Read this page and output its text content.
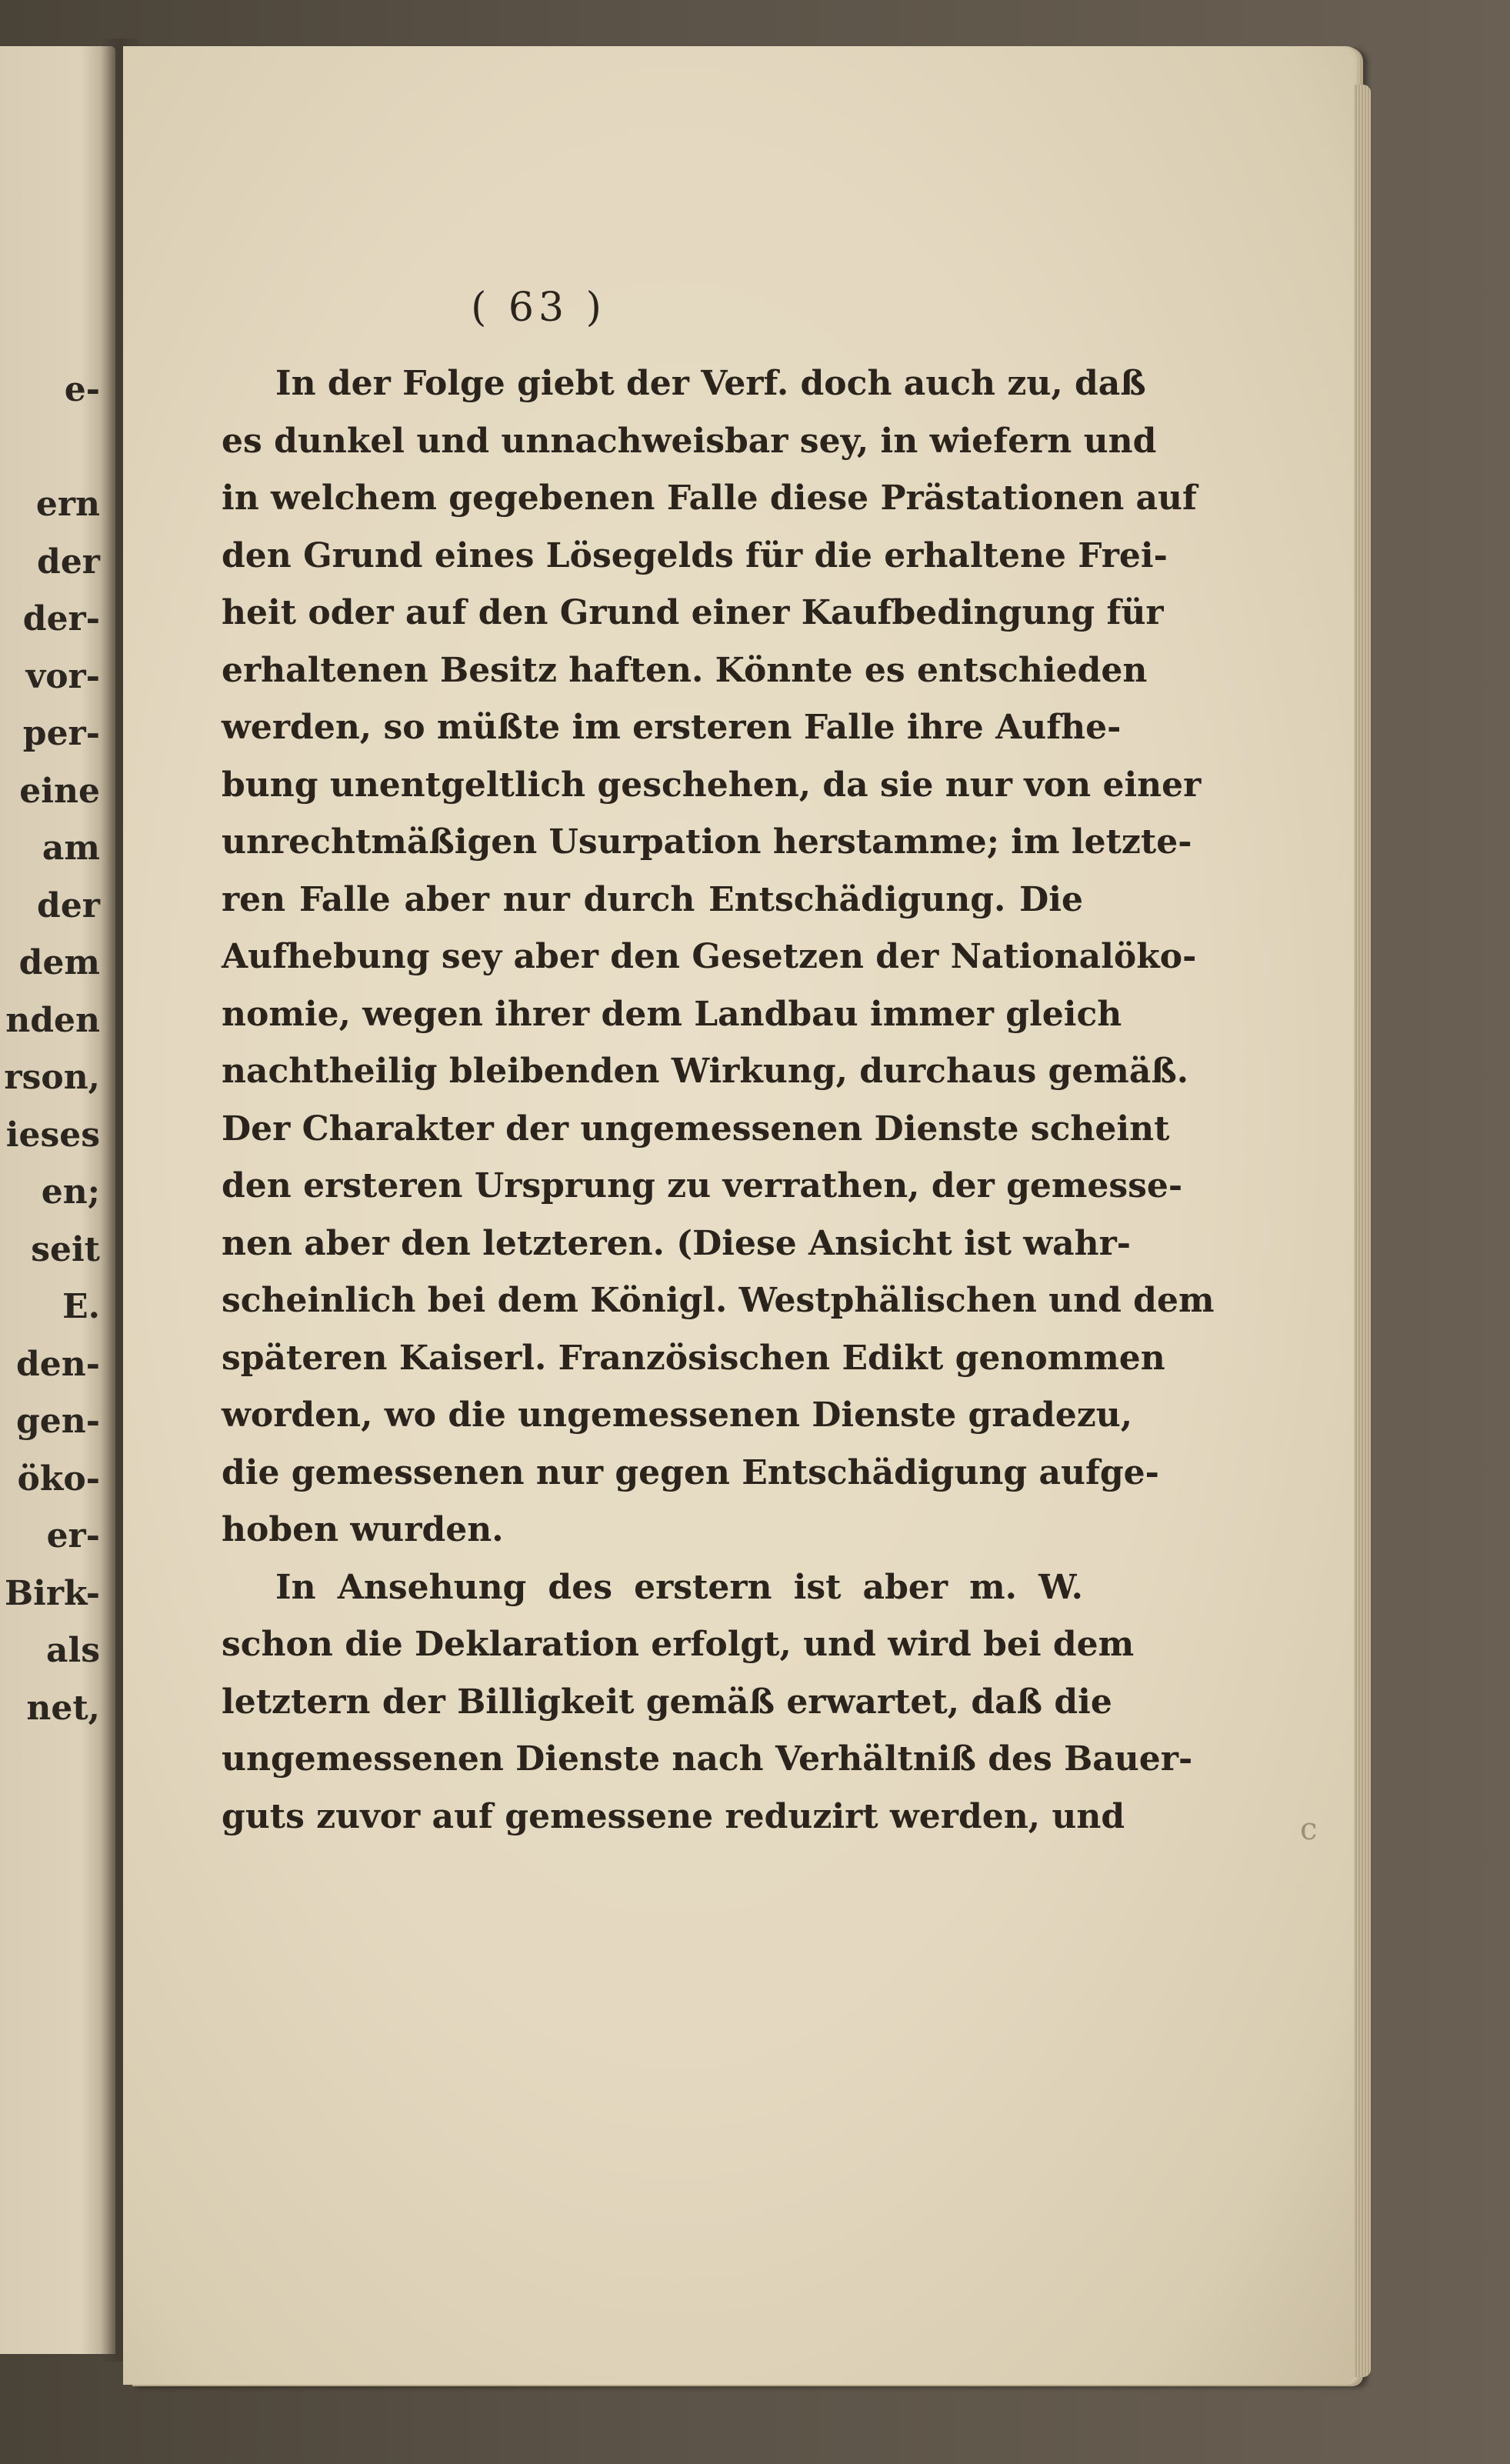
e-
ern
der
der-
vor-
per-
eine
am
der
dem
nden
rson,
ieses
en;
seit
E.
den-
gen-
öko-
er-
Birk-
als
net,
( 63 )
In der Folge giebt der Verf. doch auch zu, daß
es dunkel und unnachweisbar sey, in wiefern und
in welchem gegebenen Falle diese Prästationen auf
den Grund eines Lösegelds für die erhaltene Frei-
heit oder auf den Grund einer Kaufbedingung für
erhaltenen Besitz haften. Könnte es entschieden
werden, so müßte im ersteren Falle ihre Aufhe-
bung unentgeltlich geschehen, da sie nur von einer
unrechtmäßigen Usurpation herstamme; im letzte-
ren Falle aber nur durch Entschädigung. Die
Aufhebung sey aber den Gesetzen der Nationalöko-
nomie, wegen ihrer dem Landbau immer gleich
nachtheilig bleibenden Wirkung, durchaus gemäß.
Der Charakter der ungemessenen Dienste scheint
den ersteren Ursprung zu verrathen, der gemesse-
nen aber den letzteren. (Diese Ansicht ist wahr-
scheinlich bei dem Königl. Westphälischen und dem
späteren Kaiserl. Französischen Edikt genommen
worden, wo die ungemessenen Dienste gradezu,
die gemessenen nur gegen Entschädigung aufge-
hoben wurden.
In Ansehung des erstern ist aber m. W.
schon die Deklaration erfolgt, und wird bei dem
letztern der Billigkeit gemäß erwartet, daß die
ungemessenen Dienste nach Verhältniß des Bauer-
guts zuvor auf gemessene reduzirt werden, und	c
